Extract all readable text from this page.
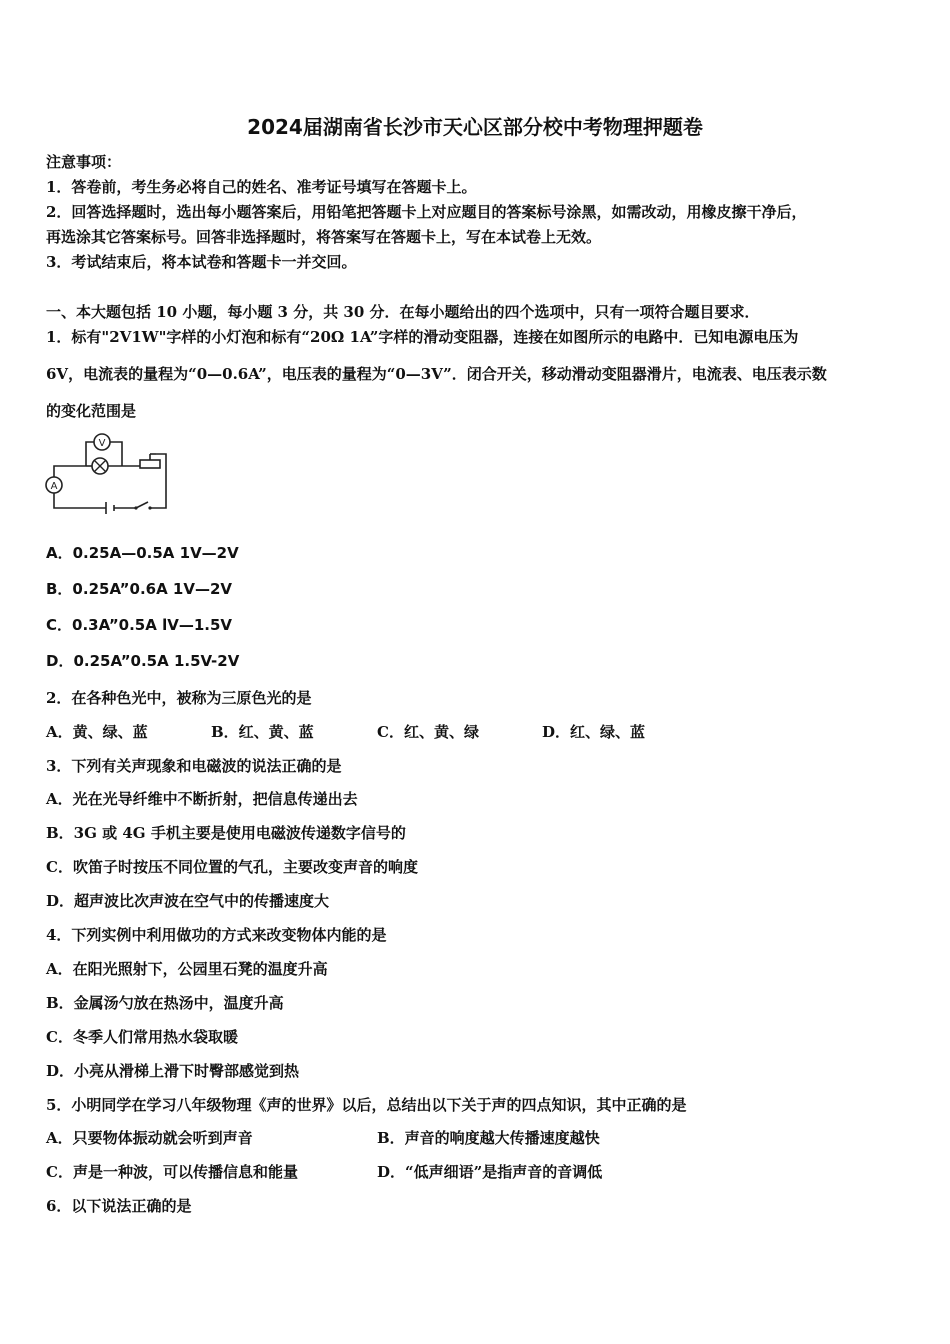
2024届湖南省长沙市天心区部分校中考物理押题卷
注意事项：
1．答卷前，考生务必将自己的姓名、准考证号填写在答题卡上。
2．回答选择题时，选出每小题答案后，用铅笔把答题卡上对应题目的答案标号涂黑，如需改动，用橡皮擦干净后，
再选涂其它答案标号。回答非选择题时，将答案写在答题卡上，写在本试卷上无效。
3．考试结束后，将本试卷和答题卡一并交回。
一、本大题包括 10 小题，每小题 3 分，共 30 分．在每小题给出的四个选项中，只有一项符合题目要求．
1．标有"2V1W"字样的小灯泡和标有“20Ω 1A”字样的滑动变阻器，连接在如图所示的电路中．已知电源电压为
6V，电流表的量程为“0—0.6A”，电压表的量程为“0—3V”．闭合开关，移动滑动变阻器滑片，电流表、电压表示数
的变化范围是
V
A
A．0.25A—0.5A 1V—2V
B．0.25A”0.6A 1V—2V
C．0.3A”0.5A lV—1.5V
D．0.25A”0.5A 1.5V-2V
2．在各种色光中，被称为三原色光的是
A．黄、绿、蓝	B．红、黄、蓝	C．红、黄、绿	D．红、绿、蓝
3．下列有关声现象和电磁波的说法正确的是
A．光在光导纤维中不断折射，把信息传递出去
B．3G 或 4G 手机主要是使用电磁波传递数字信号的
C．吹笛子时按压不同位置的气孔，主要改变声音的响度
D．超声波比次声波在空气中的传播速度大
4．下列实例中利用做功的方式来改变物体内能的是
A．在阳光照射下，公园里石凳的温度升高
B．金属汤勺放在热汤中，温度升高
C．冬季人们常用热水袋取暖
D．小亮从滑梯上滑下时臀部感觉到热
5．小明同学在学习八年级物理《声的世界》以后，总结出以下关于声的四点知识，其中正确的是
A．只要物体振动就会听到声音	B．声音的响度越大传播速度越快
C．声是一种波，可以传播信息和能量	D．“低声细语”是指声音的音调低
6．以下说法正确的是
